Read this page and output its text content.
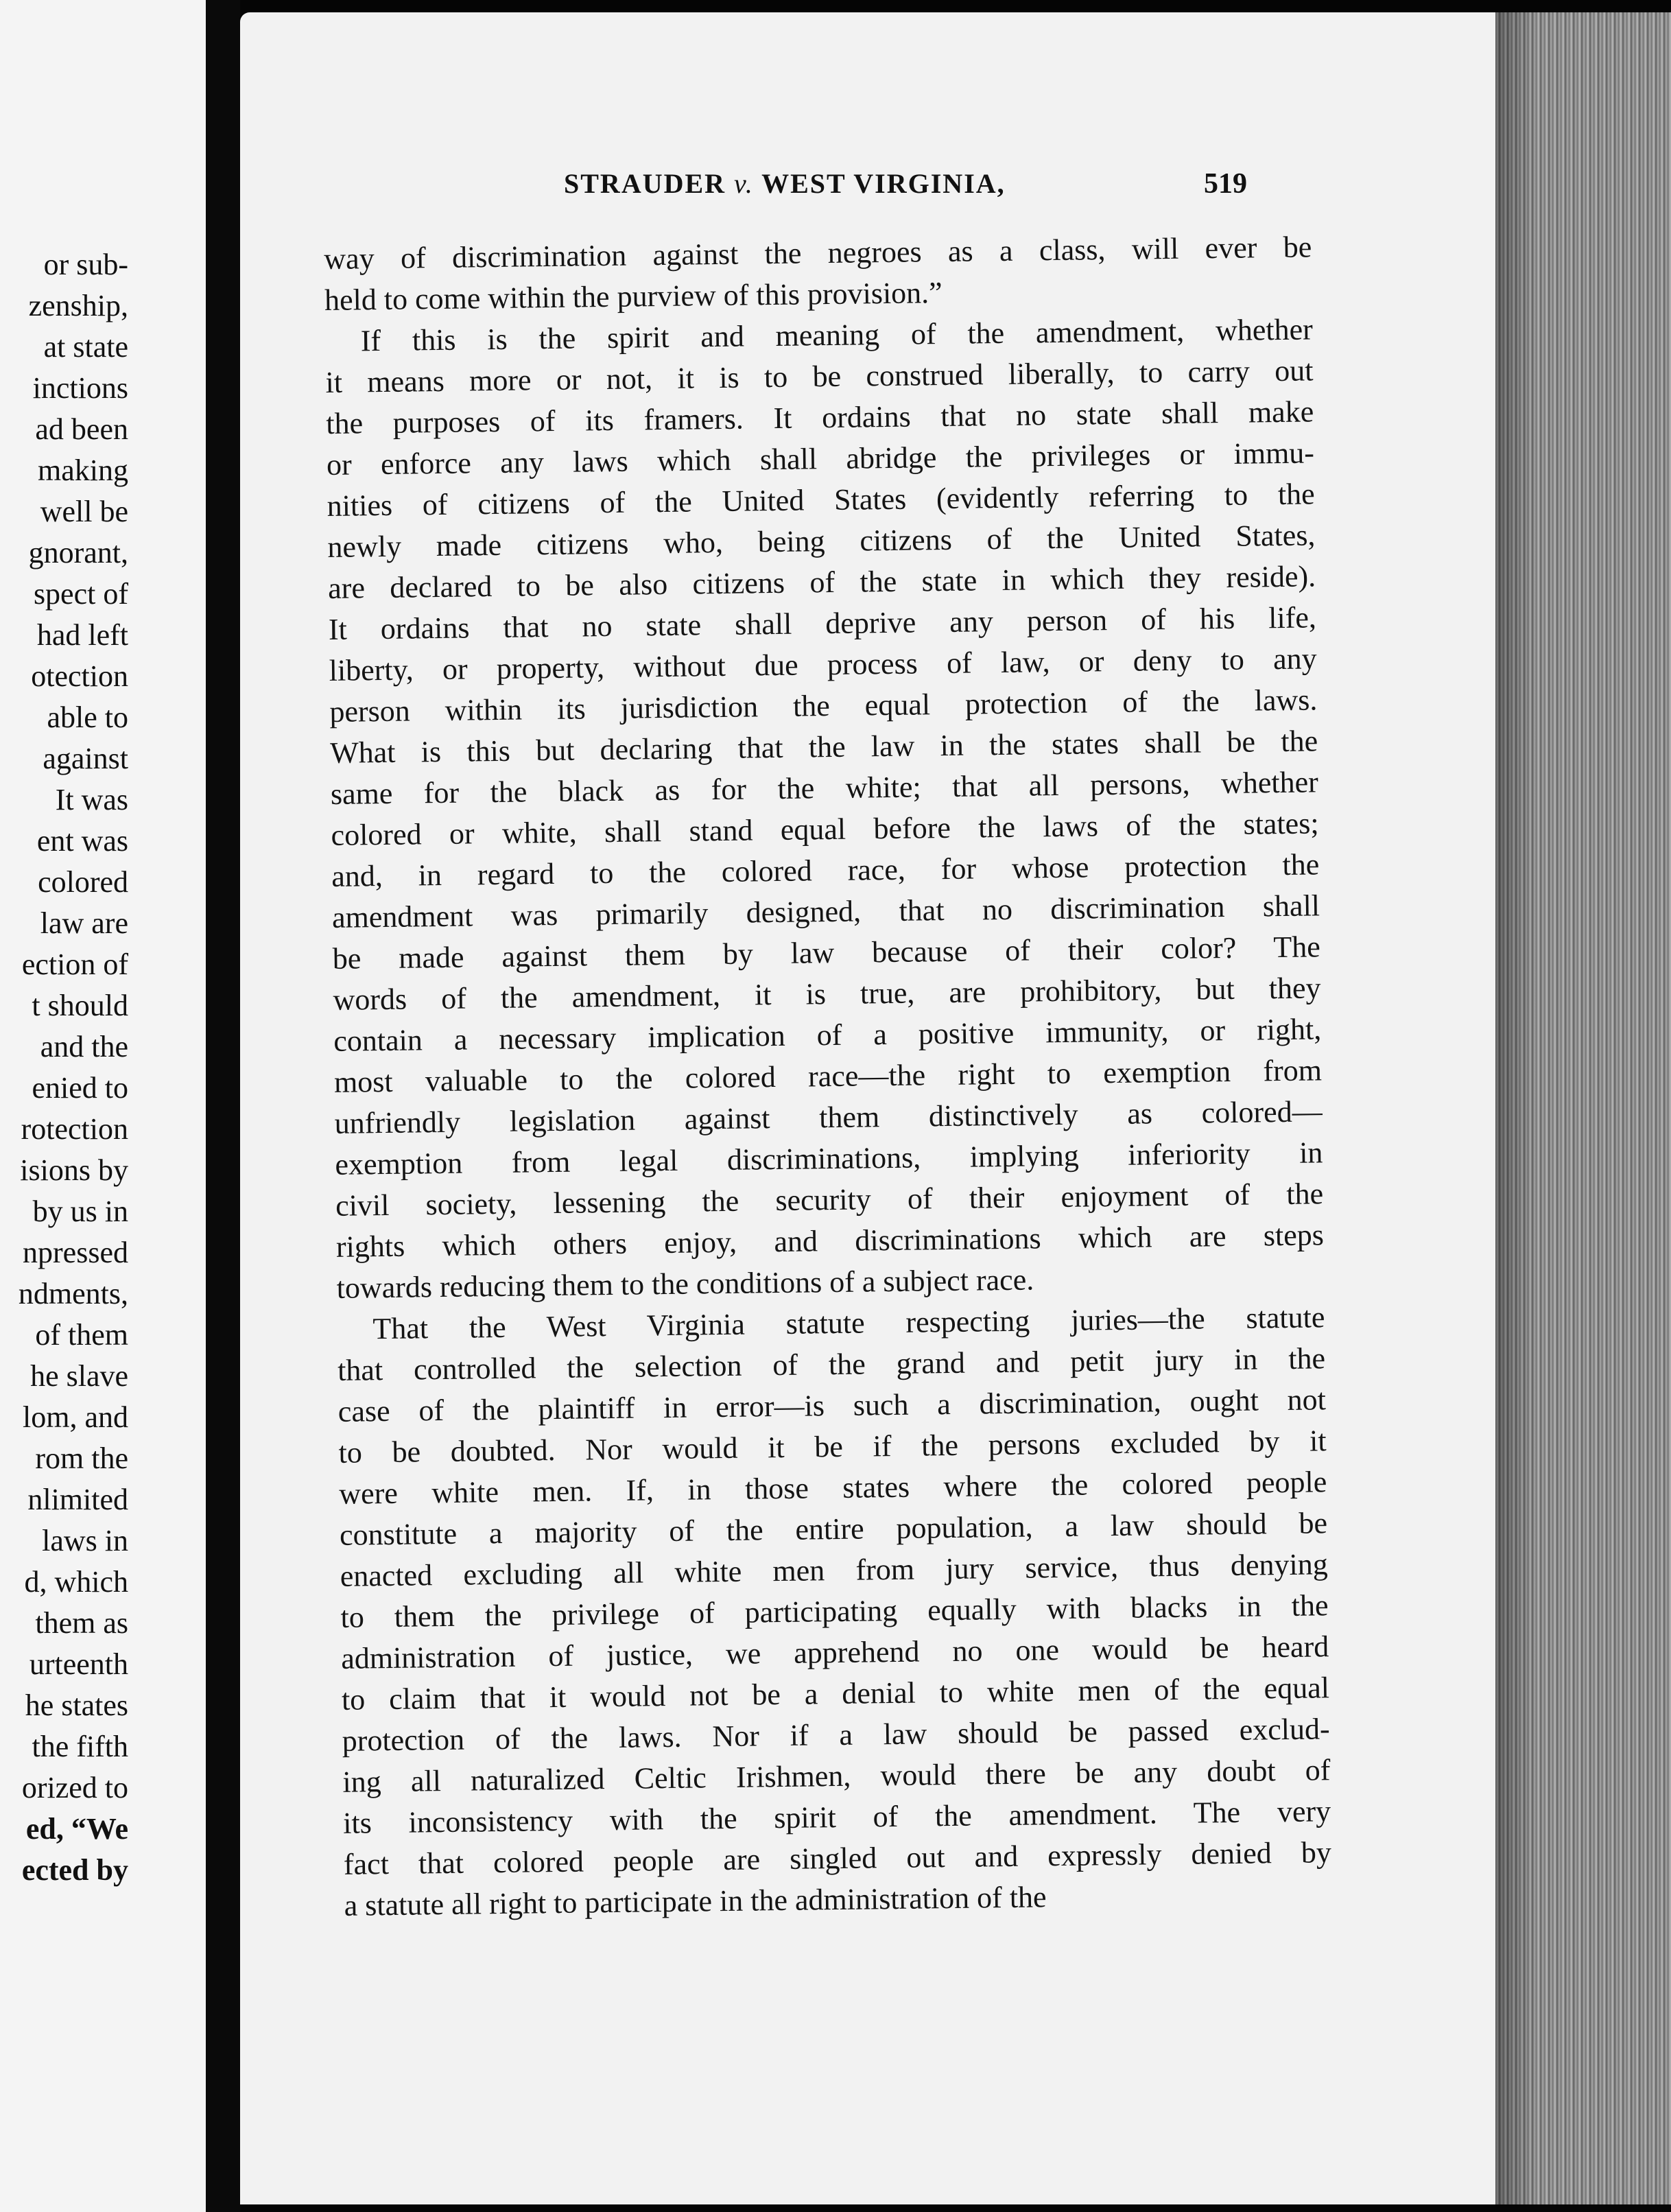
or sub-
zenship,
at state
inctions
ad been
making
well be
gnorant,
spect of
had left
otection
able to
against
It was
ent was
colored
law are
ection of
t should
and the
enied to
rotection
isions by
by us in
npressed
ndments,
of them
he slave
lom, and
rom the
nlimited
laws in
d, which
them as
urteenth
he states
the fifth
orized to
ed, “We
ected by
STRAUDER v. WEST VIRGINIA,	519
way of discrimination against the negroes as a class, will ever be
held to come within the purview of this provision.”
If this is the spirit and meaning of the amendment, whether
it means more or not, it is to be construed liberally, to carry out
the purposes of its framers. It ordains that no state shall make
or enforce any laws which shall abridge the privileges or immu-
nities of citizens of the United States (evidently referring to the
newly made citizens who, being citizens of the United States,
are declared to be also citizens of the state in which they reside).
It ordains that no state shall deprive any person of his life,
liberty, or property, without due process of law, or deny to any
person within its jurisdiction the equal protection of the laws.
What is this but declaring that the law in the states shall be the
same for the black as for the white; that all persons, whether
colored or white, shall stand equal before the laws of the states;
and, in regard to the colored race, for whose protection the
amendment was primarily designed, that no discrimination shall
be made against them by law because of their color? The
words of the amendment, it is true, are prohibitory, but they
contain a necessary implication of a positive immunity, or right,
most valuable to the colored race—the right to exemption from
unfriendly legislation against them distinctively as colored—
exemption from legal discriminations, implying inferiority in
civil society, lessening the security of their enjoyment of the
rights which others enjoy, and discriminations which are steps
towards reducing them to the conditions of a subject race.
That the West Virginia statute respecting juries—the statute
that controlled the selection of the grand and petit jury in the
case of the plaintiff in error—is such a discrimination, ought not
to be doubted. Nor would it be if the persons excluded by it
were white men. If, in those states where the colored people
constitute a majority of the entire population, a law should be
enacted excluding all white men from jury service, thus denying
to them the privilege of participating equally with blacks in the
administration of justice, we apprehend no one would be heard
to claim that it would not be a denial to white men of the equal
protection of the laws. Nor if a law should be passed exclud-
ing all naturalized Celtic Irishmen, would there be any doubt of
its inconsistency with the spirit of the amendment. The very
fact that colored people are singled out and expressly denied by
a statute all right to participate in the administration of the
